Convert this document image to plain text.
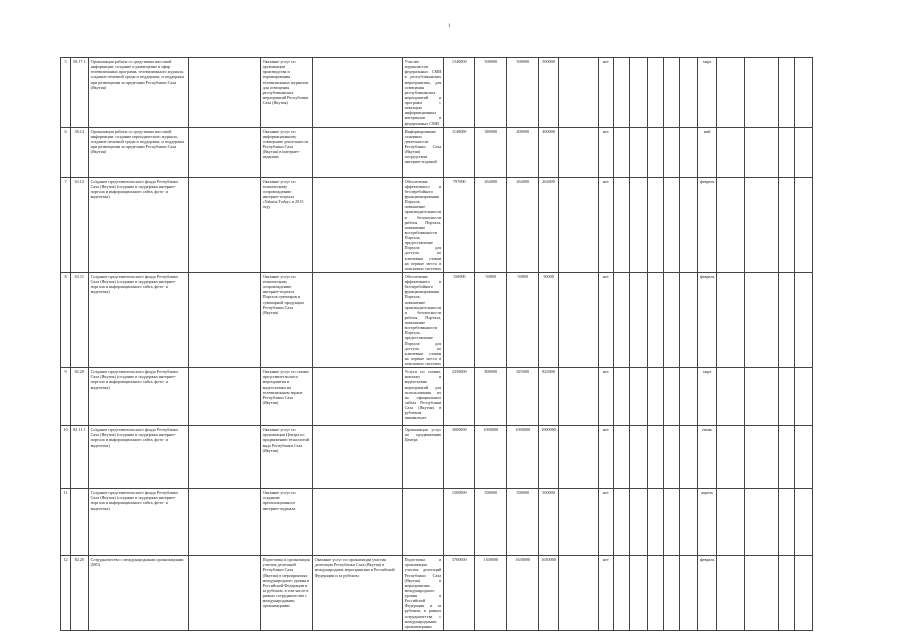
1
5	58.17.1	Организация работы со средствами массовой информации: создание и размещение в эфир телевизионных программ, телевизионного журнала, создание печатной среды и поддержки, и поддержка при размещении за пределами Республики Саха (Якутия)		Оказание услуг по организации производства и тиражирования телевизионных журналов для освещения республиканских мероприятий Республики Саха (Якутия)		Участие журналистов федеральных СМИ в республиканских мероприятиях, для освещения республиканских мероприятий и программ с помощью информационных материалов в федеральных СМИ	1540000	500000	500000	500000		нет						март				
6	58.14	Организация работы со средствами массовой информации: создание периодического журнала, создание печатной среды и поддержки, и поддержка при размещении за пределами Республики Саха (Якутия)		Оказание услуг по информационному освещению деятельности Республики Саха (Якутия) в интернет-изданиях		Информирование основных деятельности Республики Саха (Якутия) посредством интернет-изданий	1140000	380000	400000	400000		нет						май				
7	63.12	Создание представительского фонда Республики Саха (Якутия) (создание и поддержка интернет-портала и информационного сайта, фото- и видеотека)		Оказание услуг по техническому сопровождению интернет-портала «Yakutia Today» в 2015 году		Обеспечение эффективного и бесперебойного функционирования Портала, повышение производительности и безопасности работы Портала, повышение востребованности Портала, предоставление Портала для доступа по ключевым словам на первые места в поисковых системах	797000	264000	264000	264000		нет						февраль				
8	63.11	Создание представительского фонда Республики Саха (Якутия) (создание и поддержка интернет-портала и информационного сайта, фото- и видеотека)		Оказание услуг по техническому сопровождению интернет-портала Портала сувениров и сувенирной продукции Республики Саха (Якутия)		Обеспечение эффективного и бесперебойного функционирования Портала, повышение производительности и безопасности работы Портала, повышение востребованности Портала, предоставление Портала для доступа по ключевым словам на первые места в поисковых системах	150000	50000	50000	50000		нет						февраль				
9	82.20	Создание представительского фонда Республики Саха (Якутия) (создание и поддержка интернет-портала и информационного сайта, фото- и видеотека)		Оказание услуг по съемке представительского мероприятия и видеосъемки на телевизионном экране Республики Саха (Якутия)		Услуги по съемке, монтажу и видеосъемке мероприятий для использования их на официальных сайтах Республики Саха (Якутия) в рублевом эквиваленте	2350000	800000	825000	825000		нет						март				
10	82.11.1	Создание представительского фонда Республики Саха (Якутия) (создание и поддержка интернет-портала и информационного сайта, фото- и видеотека)		Оказание услуг по организации Центра по продвижению технологий вида Республики Саха (Якутия)		Организация услуг по продвижению Центра	3000000	1000000	1000000	1000000		нет						июнь				
11		Создание представительского фонда Республики Саха (Якутия) (создание и поддержка интернет-портала и информационного сайта, фото- и видеотека)		Оказание услуг по созданию презентационного интернет-журнала			1500000	500000	500000	500000		нет						апрель				
12	82.20	Сотрудничество с международными организациями (МО)		Подготовка и организация участия делегаций Республики Саха (Якутия) в мероприятиях международного уровня в Российской Федерации и за рубежом, в том числе в рамках сотрудничества с международными организациями	Оказание услуг по организации участия делегации Республики Саха (Якутия) в международных мероприятиях в Российской Федерации и за рубежом	Подготовка и организация участия делегаций Республики Саха (Якутия) в мероприятиях международного уровня в Российской Федерации и за рубежом, в рамках сотрудничества с международными организациями	3760000	1300000	1630000	1630000		нет						февраль				
